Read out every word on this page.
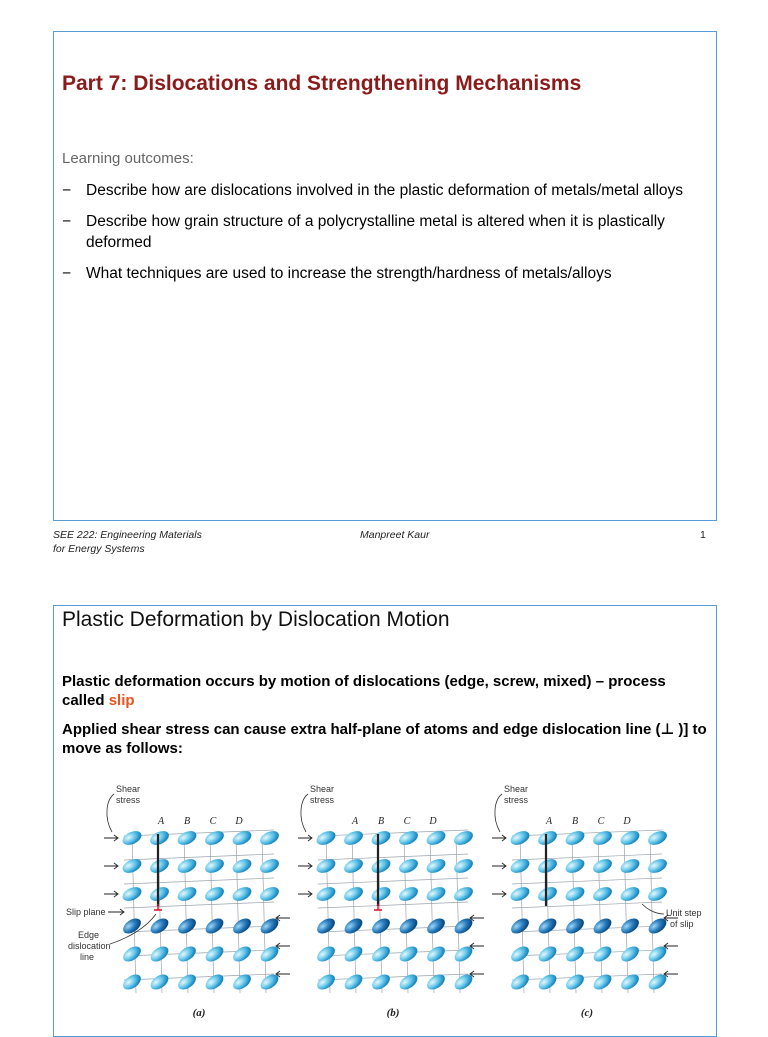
Part 7: Dislocations and Strengthening Mechanisms
Learning outcomes:
− Describe how are dislocations involved in the plastic deformation of metals/metal alloys
− Describe how grain structure of a polycrystalline metal is altered when it is plastically deformed
− What techniques are used to increase the strength/hardness of metals/alloys
SEE 222: Engineering Materials
for Energy Systems
Manpreet Kaur	1
Plastic Deformation by Dislocation Motion
Plastic deformation occurs by motion of dislocations (edge, screw, mixed) – process called slip
Applied shear stress can cause extra half-plane of atoms and edge dislocation line (⊥ )] to move as follows:
Shear
stress
A B C D
(a)
Shear
stress
A B C D
(b)
Shear
stress
A B C D
(c)
Slip plane
Edge
dislocation
line
Unit step
of slip
